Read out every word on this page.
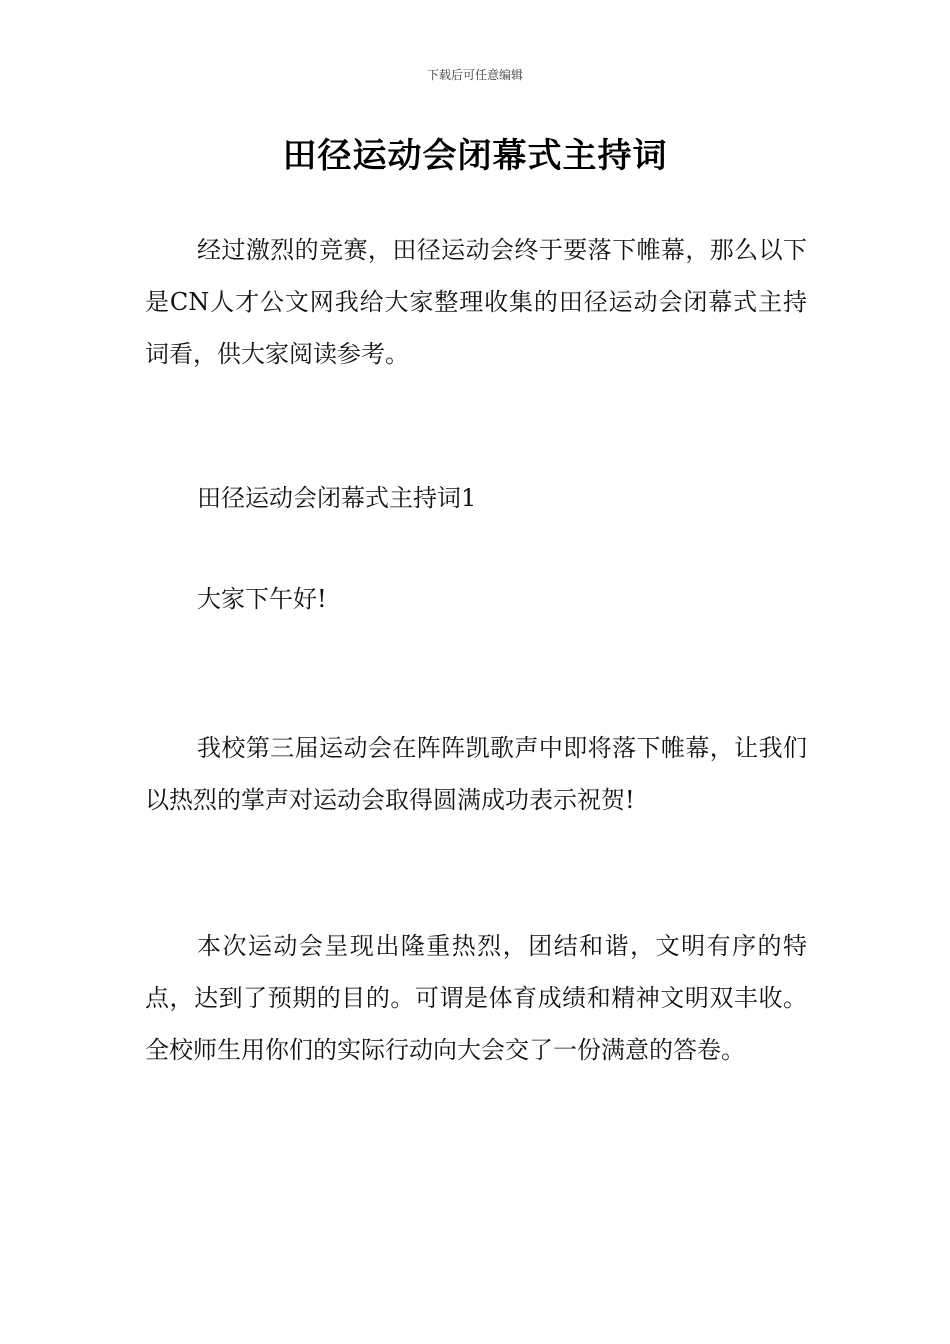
下载后可任意编辑
田径运动会闭幕式主持词

经过激烈的竞赛，田径运动会终于要落下帷幕，那么以下是CN人才公文网我给大家整理收集的田径运动会闭幕式主持词看，供大家阅读参考。

田径运动会闭幕式主持词1

大家下午好!

我校第三届运动会在阵阵凯歌声中即将落下帷幕，让我们以热烈的掌声对运动会取得圆满成功表示祝贺!

本次运动会呈现出隆重热烈，团结和谐，文明有序的特点，达到了预期的目的。可谓是体育成绩和精神文明双丰收。全校师生用你们的实际行动向大会交了一份满意的答卷。
